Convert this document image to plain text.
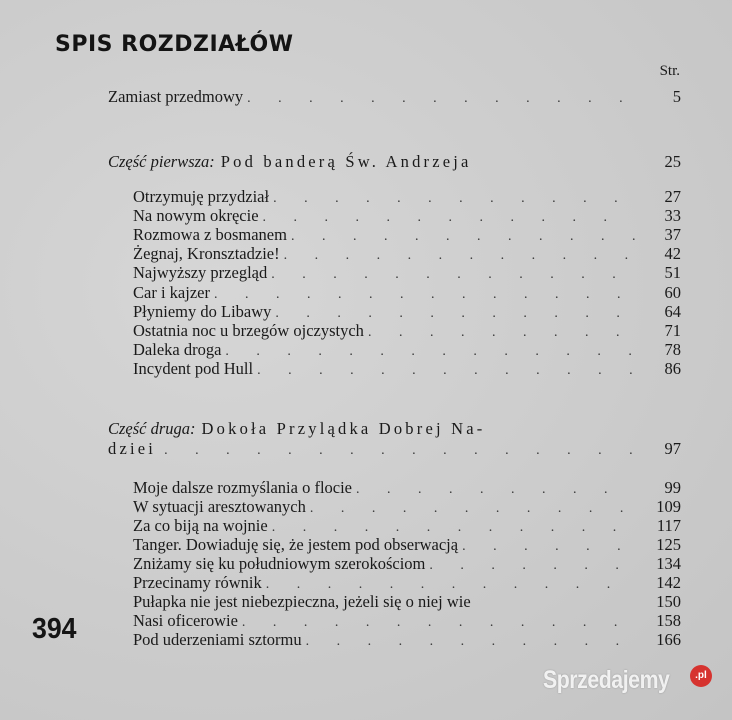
SPIS ROZDZIAŁÓW
Str.
Zamiast przedmowy . . .	5
Część pierwsza: Pod banderą Św. Andrzeja	25
Otrzymuję przydział . . .	27
Na nowym okręcie . . .	33
Rozmowa z bosmanem . . .	37
Żegnaj, Kronsztadzie! . . .	42
Najwyższy przegląd . . .	51
Car i kajzer . . .	60
Płyniemy do Libawy . . .	64
Ostatnia noc u brzegów ojczystych . . .	71
Daleka droga . . .	78
Incydent pod Hull . . .	86
Część druga: Dokoła Przylądka Dobrej Na-
dziei . . .	97
Moje dalsze rozmyślania o flocie . . .	99
W sytuacji aresztowanych . . .	109
Za co biją na wojnie . . .	117
Tanger. Dowiaduję się, że jestem pod obserwacją . . .	125
Zniżamy się ku południowym szerokościom . . .	134
Przecinamy równik . . .	142
Pułapka nie jest niebezpieczna, jeżeli się o niej wie	150
Nasi oficerowie . . .	158
Pod uderzeniami sztormu . . .	166
394
Sprzedajemy	.pl
